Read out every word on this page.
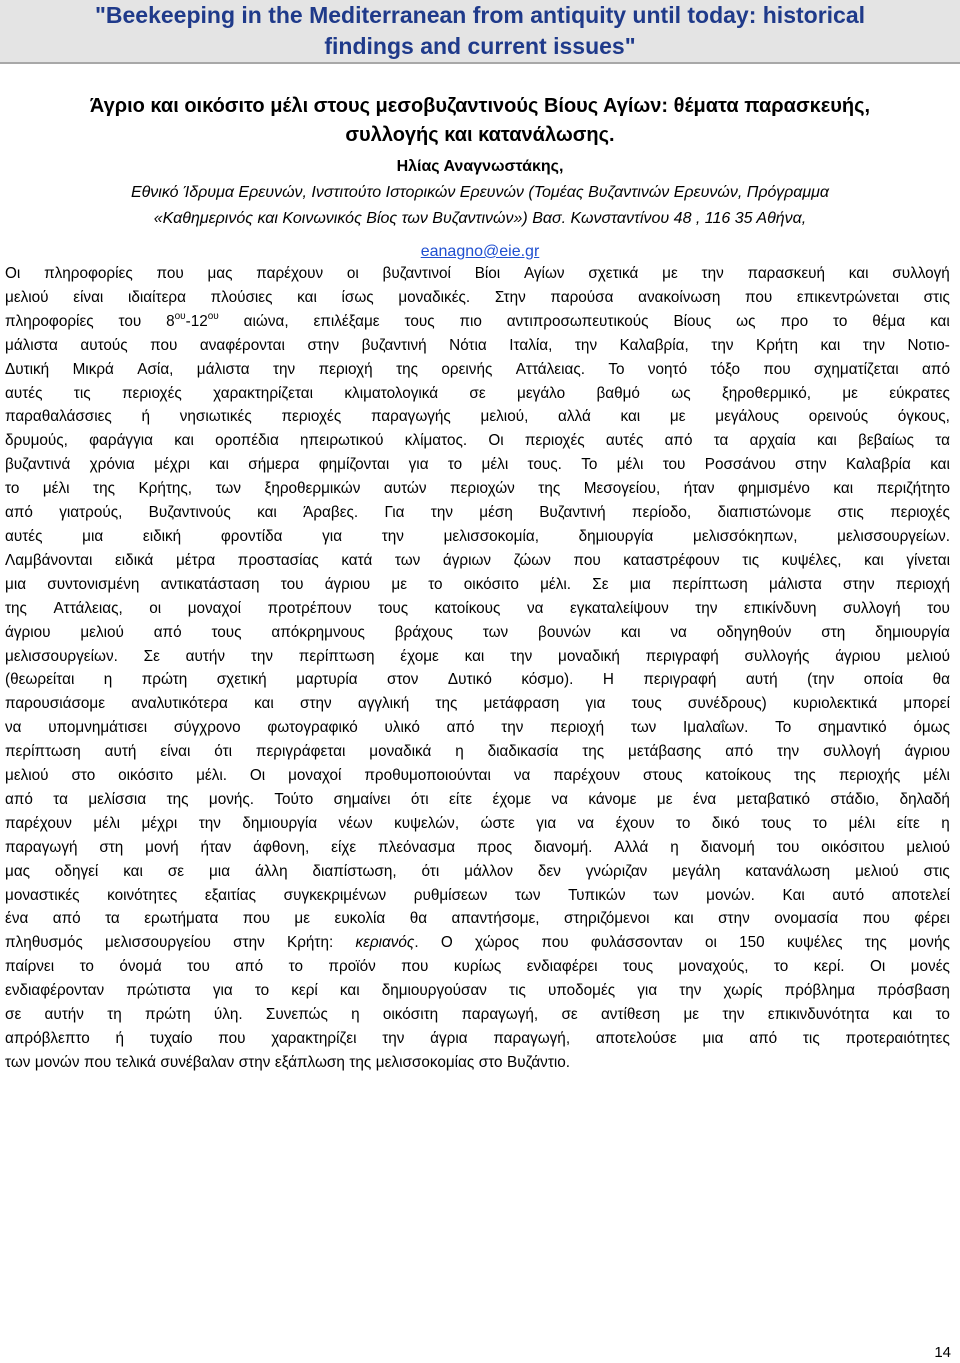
"Beekeeping in the Mediterranean from antiquity until today: historical
findings and current issues"
Άγριο και οικόσιτο μέλι στους μεσοβυζαντινούς Βίους Αγίων: θέματα παρασκευής,
συλλογής και κατανάλωσης.
Ηλίας Αναγνωστάκης,
Εθνικό Ίδρυμα Ερευνών, Ινστιτούτο Ιστορικών Ερευνών (Τομέας Βυζαντινών Ερευνών, Πρόγραμμα
«Καθημερινός και Κοινωνικός Βίος των Βυζαντινών») Βασ. Κωνσταντίνου 48 , 116 35 Αθήνα,
eanagno@eie.gr
Οι πληροφορίες που μας παρέχουν οι βυζαντινοί Βίοι Αγίων σχετικά με την παρασκευή και συλλογή
μελιού είναι ιδιαίτερα πλούσιες και ίσως μοναδικές. Στην παρούσα ανακοίνωση που επικεντρώνεται στις
πληροφορίες του $8^{o\upsilon}-12^{o\upsilon}$ αιώνα, επιλέξαμε τους πιο αντιπροσωπευτικούς Βίους ως προ το θέμα και
μάλιστα αυτούς που αναφέρονται στην βυζαντινή Νότια Ιταλία, την Καλαβρία, την Κρήτη και την Νοτιο-
Δυτική Μικρά Ασία, μάλιστα την περιοχή της ορεινής Αττάλειας. Το νοητό τόξο που σχηματίζεται από
αυτές τις περιοχές χαρακτηρίζεται κλιματολογικά σε μεγάλο βαθμό ως ξηροθερμικό, με εύκρατες
παραθαλάσσιες ή νησιωτικές περιοχές παραγωγής μελιού, αλλά και με μεγάλους ορεινούς όγκους,
δρυμούς, φαράγγια και οροπέδια ηπειρωτικού κλίματος. Οι περιοχές αυτές από τα αρχαία και βεβαίως τα
βυζαντινά χρόνια μέχρι και σήμερα φημίζονται για το μέλι τους. Το μέλι του Ροσσάνου στην Καλαβρία και
το μέλι της Κρήτης, των ξηροθερμικών αυτών περιοχών της Μεσογείου, ήταν φημισμένο και περιζήτητο
από γιατρούς, Βυζαντινούς και Άραβες. Για την μέση Βυζαντινή περίοδο, διαπιστώνομε στις περιοχές
αυτές	μια	ειδική	φροντίδα	για	την	μελισσοκομία,	δημιουργία	μελισσόκηπων,	μελισσουργείων.
Λαμβάνονται ειδικά μέτρα προστασίας κατά των άγριων ζώων που καταστρέφουν τις κυψέλες, και γίνεται
μια συντονισμένη αντικατάσταση του άγριου με το οικόσιτο μέλι. Σε μια περίπτωση μάλιστα στην περιοχή
της Αττάλειας, οι μοναχοί προτρέπουν τους κατοίκους να εγκαταλείψουν την επικίνδυνη συλλογή του
άγριου μελιού από τους απόκρημνους βράχους των βουνών και να οδηγηθούν στη δημιουργία
μελισσουργείων. Σε αυτήν την περίπτωση έχομε και την μοναδική περιγραφή συλλογής άγριου μελιού
(θεωρείται η πρώτη σχετική μαρτυρία στον Δυτικό κόσμο). Η περιγραφή αυτή (την οποία θα
παρουσιάσομε αναλυτικότερα και στην αγγλική της μετάφραση για τους συνέδρους) κυριολεκτικά μπορεί
να υπομνημάτισει σύγχρονο φωτογραφικό υλικό από την περιοχή των Ιμαλαΐων. Το σημαντικό όμως
περίπτωση αυτή είναι ότι περιγράφεται μοναδικά η διαδικασία της μετάβασης από την συλλογή άγριου
μελιού στο οικόσιτο μέλι. Οι μοναχοί προθυμοποιούνται να παρέχουν στους κατοίκους της περιοχής μέλι
από τα μελίσσια της μονής. Τούτο σημαίνει ότι είτε έχομε να κάνομε με ένα μεταβατικό στάδιο, δηλαδή
παρέχουν μέλι μέχρι την δημιουργία νέων κυψελών, ώστε για να έχουν το δικό τους το μέλι είτε η
παραγωγή στη μονή ήταν άφθονη, είχε πλεόνασμα προς διανομή. Αλλά η διανομή του οικόσιτου μελιού
μας οδηγεί και σε μια άλλη διαπίστωση, ότι μάλλον δεν γνώριζαν μεγάλη κατανάλωση μελιού στις
μοναστικές κοινότητες εξαιτίας συγκεκριμένων ρυθμίσεων των Τυπικών των μονών. Και αυτό αποτελεί
ένα από τα ερωτήματα που με ευκολία θα απαντήσομε, στηριζόμενοι και στην ονομασία που φέρει
πληθυσμός μελισσουργείου στην Κρήτη: κεριανός. Ο χώρος που φυλάσσονταν οι 150 κυψέλες της μονής
παίρνει το όνομά του από το προϊόν που κυρίως ενδιαφέρει τους μοναχούς, το κερί. Οι μονές
ενδιαφέρονταν πρώτιστα για το κερί και δημιουργούσαν τις υποδομές για την χωρίς πρόβλημα πρόσβαση
σε αυτήν τη πρώτη ύλη. Συνεπώς η οικόσιτη παραγωγή, σε αντίθεση με την επικινδυνότητα και το
απρόβλεπτο ή τυχαίο που χαρακτηρίζει την άγρια παραγωγή, αποτελούσε μια από τις προτεραιότητες
των μονών που τελικά συνέβαλαν στην εξάπλωση της μελισσοκομίας στο Βυζάντιο.
14
